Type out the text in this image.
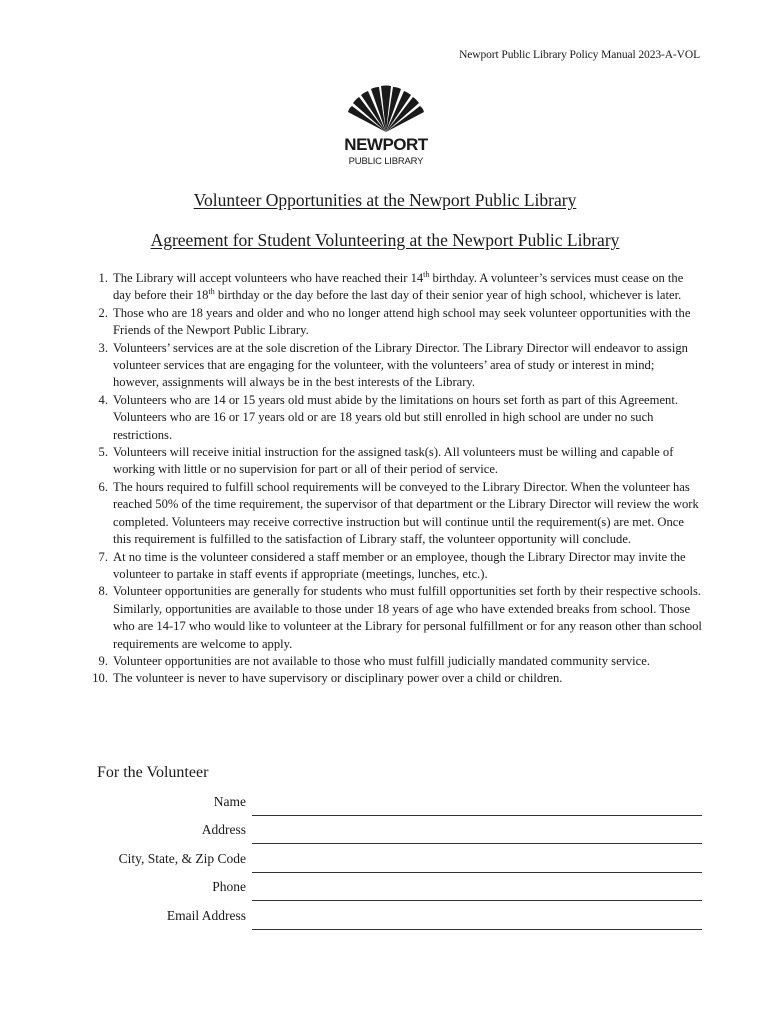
Newport Public Library Policy Manual 2023-A-VOL
NEWPORT
PUBLIC LIBRARY
Volunteer Opportunities at the Newport Public Library
Agreement for Student Volunteering at the Newport Public Library
1. The Library will accept volunteers who have reached their 14th birthday. A volunteer’s services must cease on the day before their 18th birthday or the day before the last day of their senior year of high school, whichever is later.
2. Those who are 18 years and older and who no longer attend high school may seek volunteer opportunities with the Friends of the Newport Public Library.
3. Volunteers’ services are at the sole discretion of the Library Director. The Library Director will endeavor to assign volunteer services that are engaging for the volunteer, with the volunteers’ area of study or interest in mind; however, assignments will always be in the best interests of the Library.
4. Volunteers who are 14 or 15 years old must abide by the limitations on hours set forth as part of this Agreement. Volunteers who are 16 or 17 years old or are 18 years old but still enrolled in high school are under no such restrictions.
5. Volunteers will receive initial instruction for the assigned task(s). All volunteers must be willing and capable of working with little or no supervision for part or all of their period of service.
6. The hours required to fulfill school requirements will be conveyed to the Library Director. When the volunteer has reached 50% of the time requirement, the supervisor of that department or the Library Director will review the work completed. Volunteers may receive corrective instruction but will continue until the requirement(s) are met. Once this requirement is fulfilled to the satisfaction of Library staff, the volunteer opportunity will conclude.
7. At no time is the volunteer considered a staff member or an employee, though the Library Director may invite the volunteer to partake in staff events if appropriate (meetings, lunches, etc.).
8. Volunteer opportunities are generally for students who must fulfill opportunities set forth by their respective schools. Similarly, opportunities are available to those under 18 years of age who have extended breaks from school. Those who are 14-17 who would like to volunteer at the Library for personal fulfillment or for any reason other than school requirements are welcome to apply.
9. Volunteer opportunities are not available to those who must fulfill judicially mandated community service.
10. The volunteer is never to have supervisory or disciplinary power over a child or children.
For the Volunteer
Name
Address
City, State, & Zip Code
Phone
Email Address
